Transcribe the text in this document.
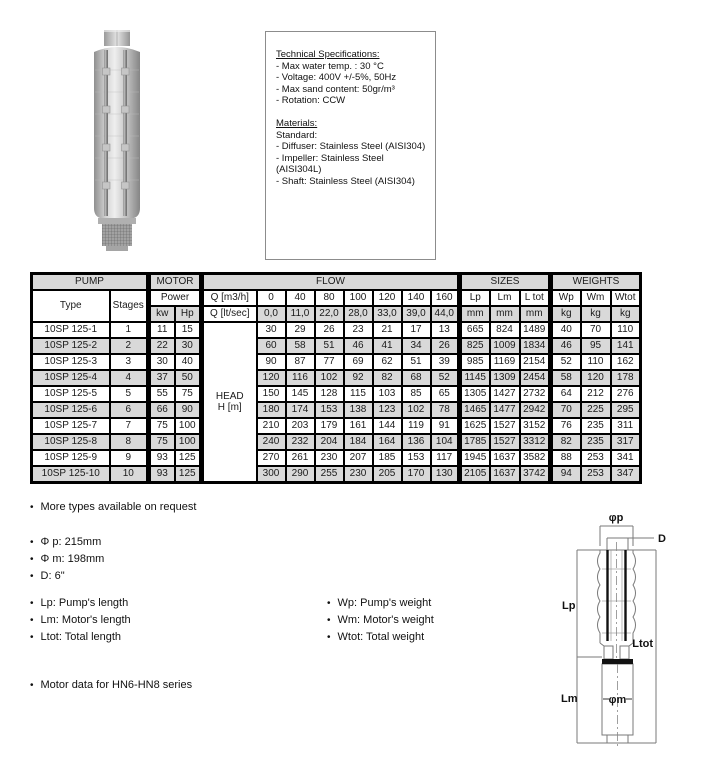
Technical Specifications:
- Max water temp. : 30 °C
- Voltage: 400V +/-5%, 50Hz
- Max sand content: 50gr/m³
- Rotation: CCW
Materials:
Standard:
- Diffuser: Stainless Steel (AISI304)
- Impeller: Stainless Steel (AISI304L)
- Shaft: Stainless Steel (AISI304)
PUMP		MOTOR		FLOW								SIZES			WEIGHTS		
Type	Stages	Power		Q [m3/h]	0	40	80	100	120	140	160	Lp	Lm	L tot	Wp	Wm	Wtot
		kw	Hp	Q [lt/sec]	0,0	11,0	22,0	28,0	33,0	39,0	44,0	mm	mm	mm	kg	kg	kg
10SP 125-1	1	11	15	HEAD
H [m]	30	29	26	23	21	17	13	665	824	1489	40	70	110
10SP 125-2	2	22	30		60	58	51	46	41	34	26	825	1009	1834	46	95	141
10SP 125-3	3	30	40		90	87	77	69	62	51	39	985	1169	2154	52	110	162
10SP 125-4	4	37	50		120	116	102	92	82	68	52	1145	1309	2454	58	120	178
10SP 125-5	5	55	75		150	145	128	115	103	85	65	1305	1427	2732	64	212	276
10SP 125-6	6	66	90		180	174	153	138	123	102	78	1465	1477	2942	70	225	295
10SP 125-7	7	75	100		210	203	179	161	144	119	91	1625	1527	3152	76	235	311
10SP 125-8	8	75	100		240	232	204	184	164	136	104	1785	1527	3312	82	235	317
10SP 125-9	9	93	125		270	261	230	207	185	153	117	1945	1637	3582	88	253	341
10SP 125-10	10	93	125		300	290	255	230	205	170	130	2105	1637	3742	94	253	347
• More types available on request
• Φ p: 215mm
• Φ m: 198mm
• D: 6"
• Lp: Pump's length
• Lm: Motor's length
• Ltot: Total length
• Wp: Pump's weight
• Wm: Motor's weight
• Wtot: Total weight
• Motor data for HN6-HN8 series
φp
D
Lp
Ltot
Lm	φm
